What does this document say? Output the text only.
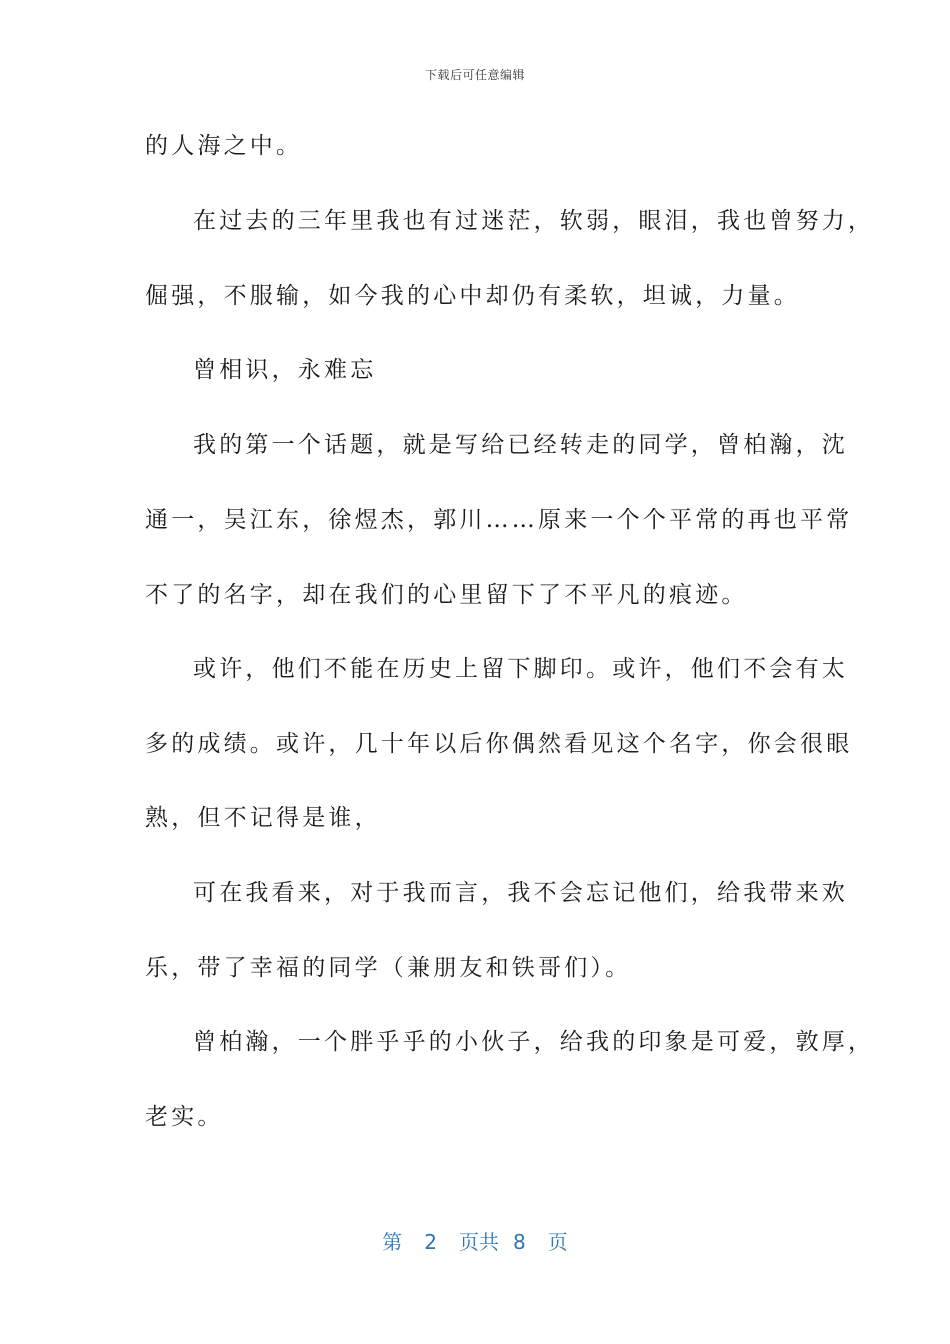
下载后可任意编辑
的人海之中。
在过去的三年里我也有过迷茫，软弱，眼泪，我也曾努力，
倔强，不服输，如今我的心中却仍有柔软，坦诚，力量。
曾相识，永难忘
我的第一个话题，就是写给已经转走的同学，曾柏瀚，沈
通一，吴江东，徐煜杰，郭川……原来一个个平常的再也平常
不了的名字，却在我们的心里留下了不平凡的痕迹。
或许，他们不能在历史上留下脚印。或许，他们不会有太
多的成绩。或许，几十年以后你偶然看见这个名字，你会很眼
熟，但不记得是谁，
可在我看来，对于我而言，我不会忘记他们，给我带来欢
乐，带了幸福的同学（兼朋友和铁哥们）。
曾柏瀚，一个胖乎乎的小伙子，给我的印象是可爱，敦厚，
老实。
第 2 页共 8 页
